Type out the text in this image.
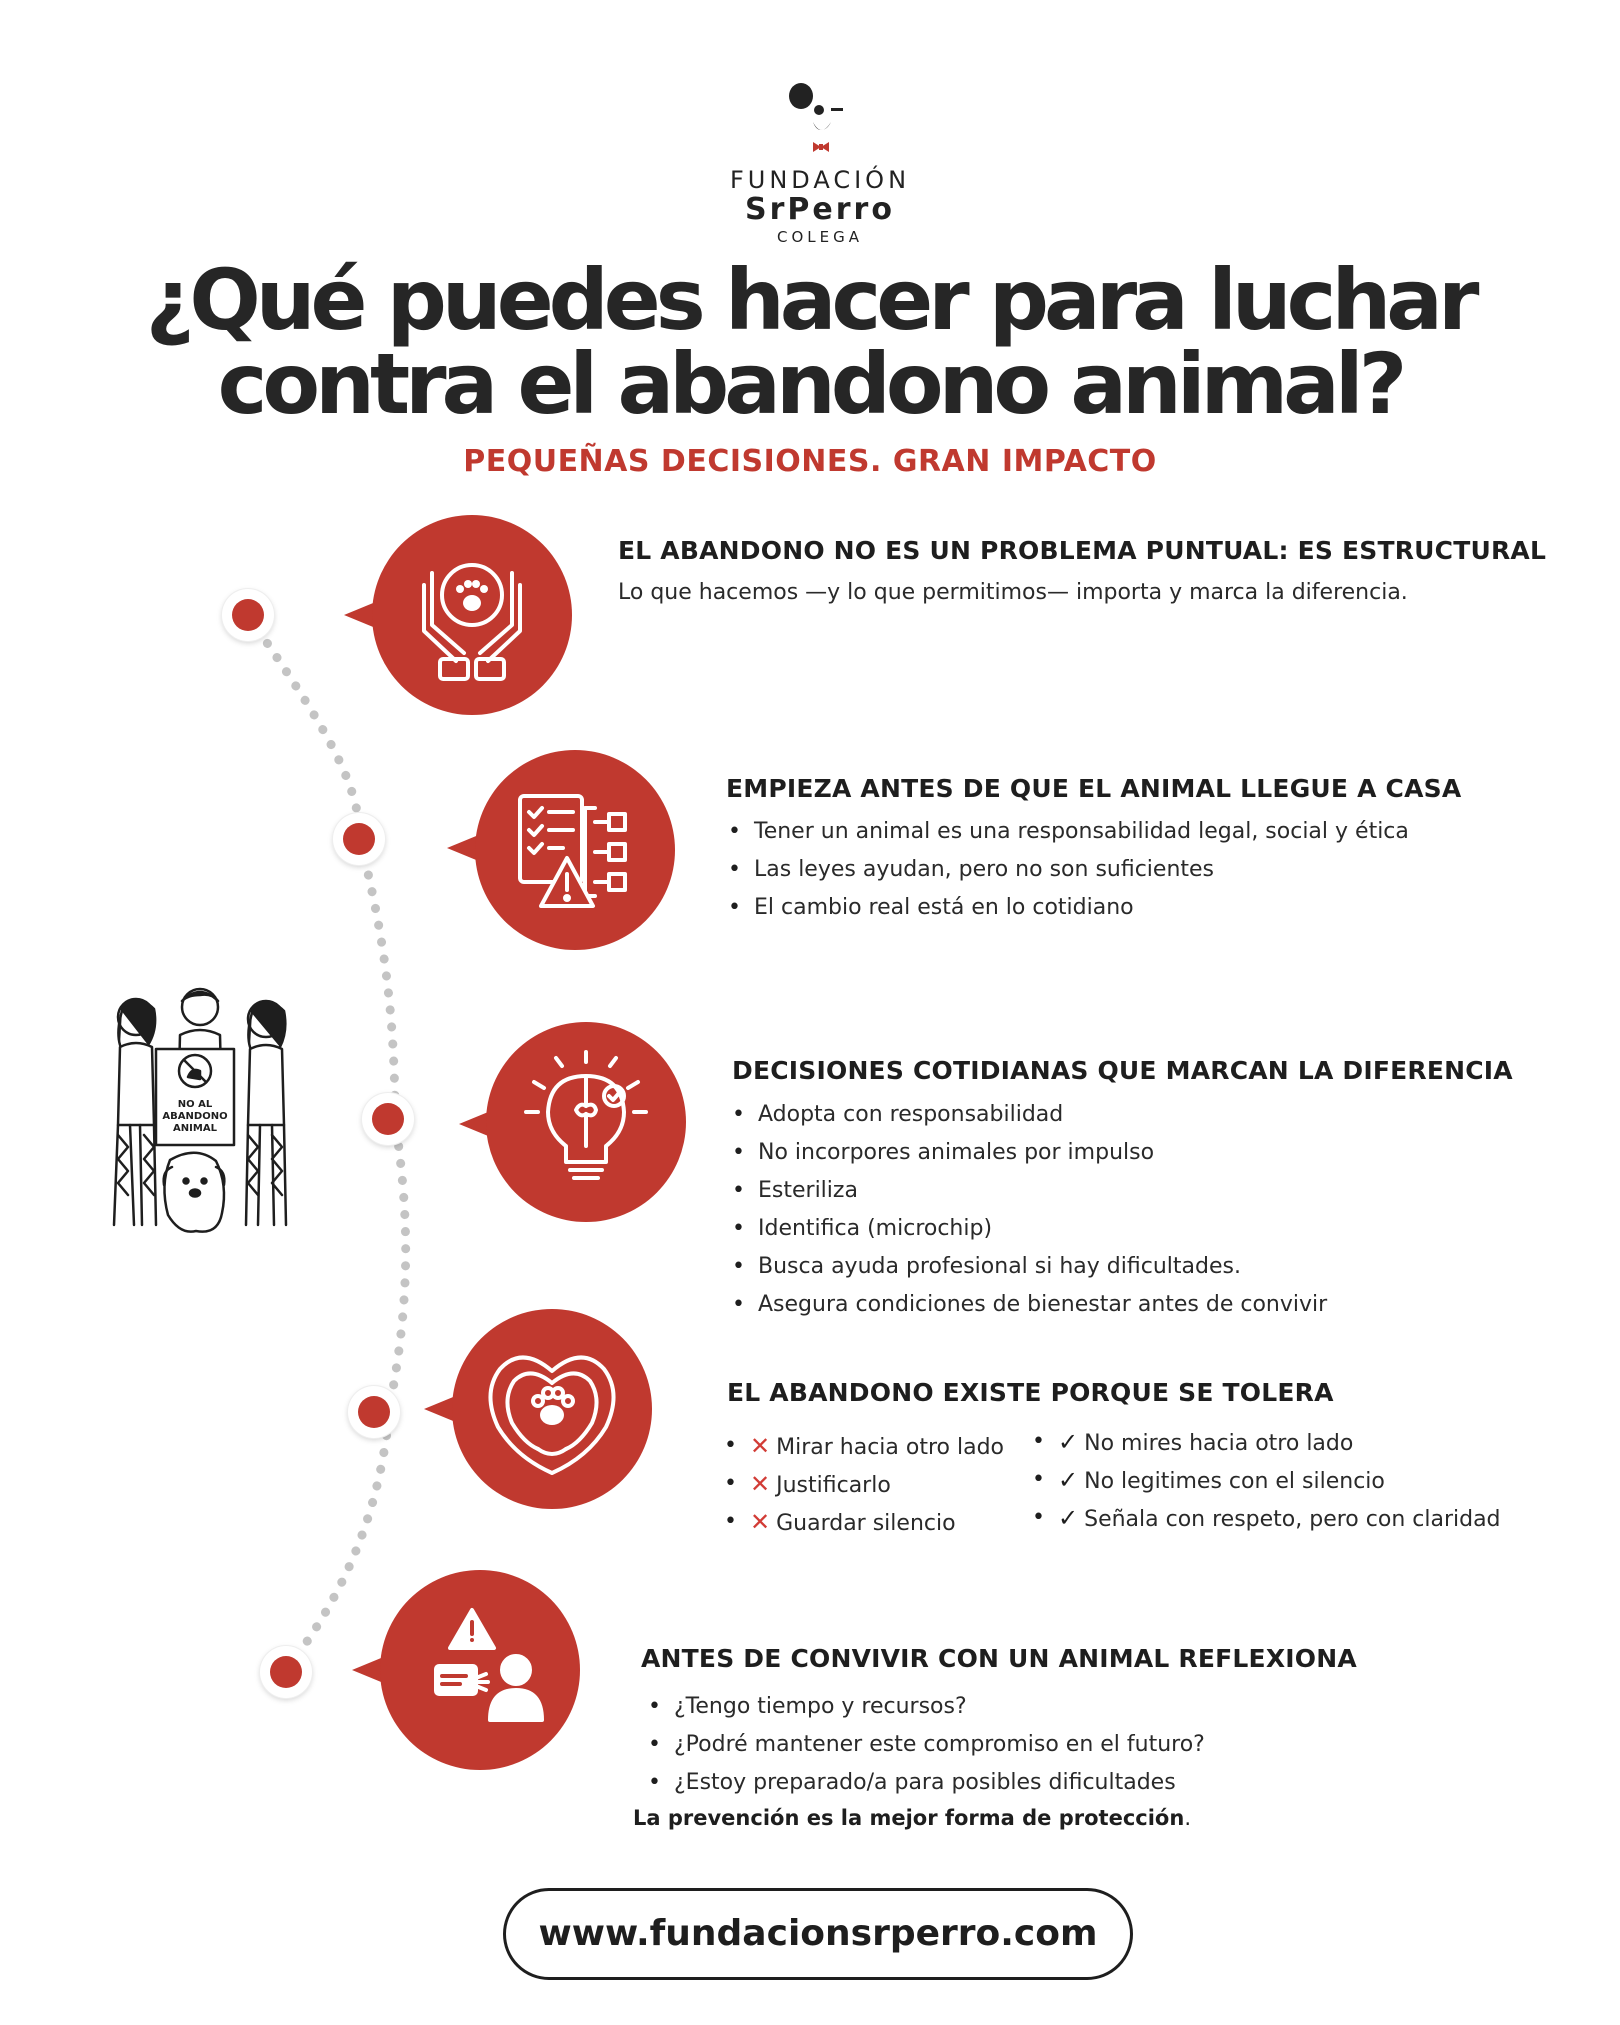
FUNDACIÓN
SrPerro
COLEGA
¿Qué puedes hacer para luchar
contra el abandono animal?
PEQUEÑAS DECISIONES. GRAN IMPACTO
EL ABANDONO NO ES UN PROBLEMA PUNTUAL: ES ESTRUCTURAL
Lo que hacemos —y lo que permitimos— importa y marca la diferencia.
EMPIEZA ANTES DE QUE EL ANIMAL LLEGUE A CASA
• Tener un animal es una responsabilidad legal, social y ética
• Las leyes ayudan, pero no son suficientes
• El cambio real está en lo cotidiano
NO AL
ABANDONO
ANIMAL
DECISIONES COTIDIANAS QUE MARCAN LA DIFERENCIA
• Adopta con responsabilidad
• No incorpores animales por impulso
• Esteriliza
• Identifica (microchip)
• Busca ayuda profesional si hay dificultades.
• Asegura condiciones de bienestar antes de convivir
EL ABANDONO EXISTE PORQUE SE TOLERA
• ✕ Mirar hacia otro lado
• ✕ Justificarlo
• ✕ Guardar silencio
• ✓ No mires hacia otro lado
• ✓ No legitimes con el silencio
• ✓ Señala con respeto, pero con claridad
ANTES DE CONVIVIR CON UN ANIMAL REFLEXIONA
• ¿Tengo tiempo y recursos?
• ¿Podré mantener este compromiso en el futuro?
• ¿Estoy preparado/a para posibles dificultades
La prevención es la mejor forma de protección.
www.fundacionsrperro.com
